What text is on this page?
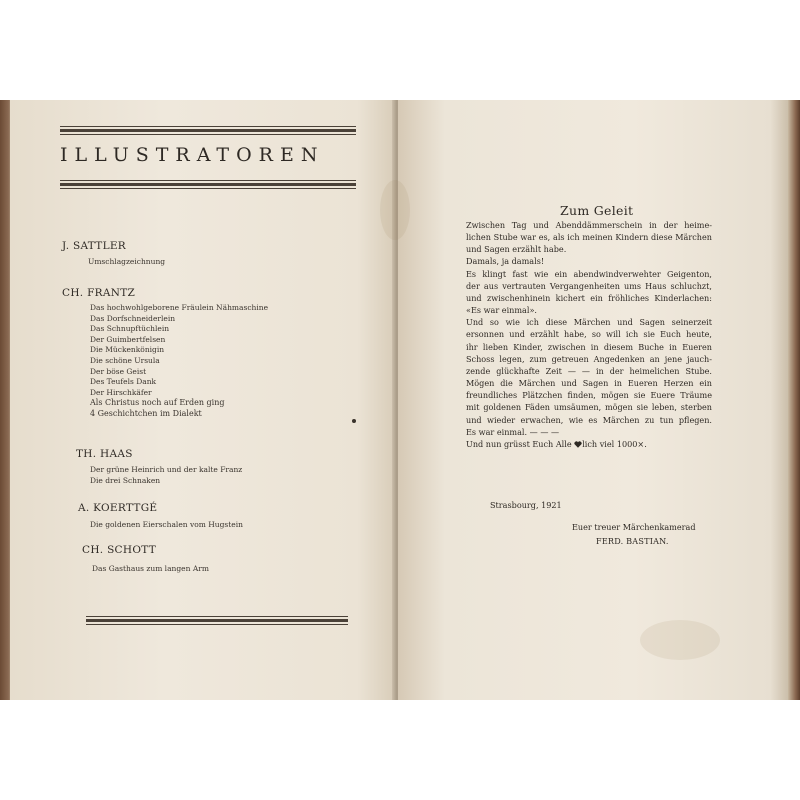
ILLUSTRATOREN
J. SATTLER
Umschlagzeichnung
CH. FRANTZ
Das hochwohlgeborene Fräulein Nähmaschine
Das Dorfschneiderlein
Das Schnupftüchlein
Der Guimbertfelsen
Die Mückenkönigin
Die schöne Ursula
Der böse Geist
Des Teufels Dank
Der Hirschkäfer
Als Christus noch auf Erden ging
4 Geschichtchen im Dialekt
TH. HAAS
Der grüne Heinrich und der kalte Franz
Die drei Schnaken
A. KOERTTGÉ
Die goldenen Eierschalen vom Hugstein
CH. SCHOTT
Das Gasthaus zum langen Arm
Zum Geleit
Zwischen Tag und Abenddämmerschein in der heime-
lichen Stube war es, als ich meinen Kindern diese Märchen
und Sagen erzählt habe.
Damals, ja damals!
Es klingt fast wie ein abendwindverwehter Geigenton,
der aus vertrauten Vergangenheiten ums Haus schluchzt,
und zwischenhinein kichert ein fröhliches Kinderlachen:
«Es war einmal».
Und so wie ich diese Märchen und Sagen seinerzeit
ersonnen und erzählt habe, so will ich sie Euch heute,
ihr lieben Kinder, zwischen in diesem Buche in Eueren
Schoss legen, zum getreuen Angedenken an jene jauch-
zende glückhafte Zeit — — in der heimelichen Stube.
Mögen die Märchen und Sagen in Eueren Herzen ein
freundliches Plätzchen finden, mögen sie Euere Träume
mit goldenen Fäden umsäumen, mögen sie leben, sterben
und wieder erwachen, wie es Märchen zu tun pflegen.
Es war einmal. — — —
Und nun grüsst Euch Alle lich viel 1000×.
Strasbourg, 1921
Euer treuer Märchenkamerad
FERD. BASTIAN.
